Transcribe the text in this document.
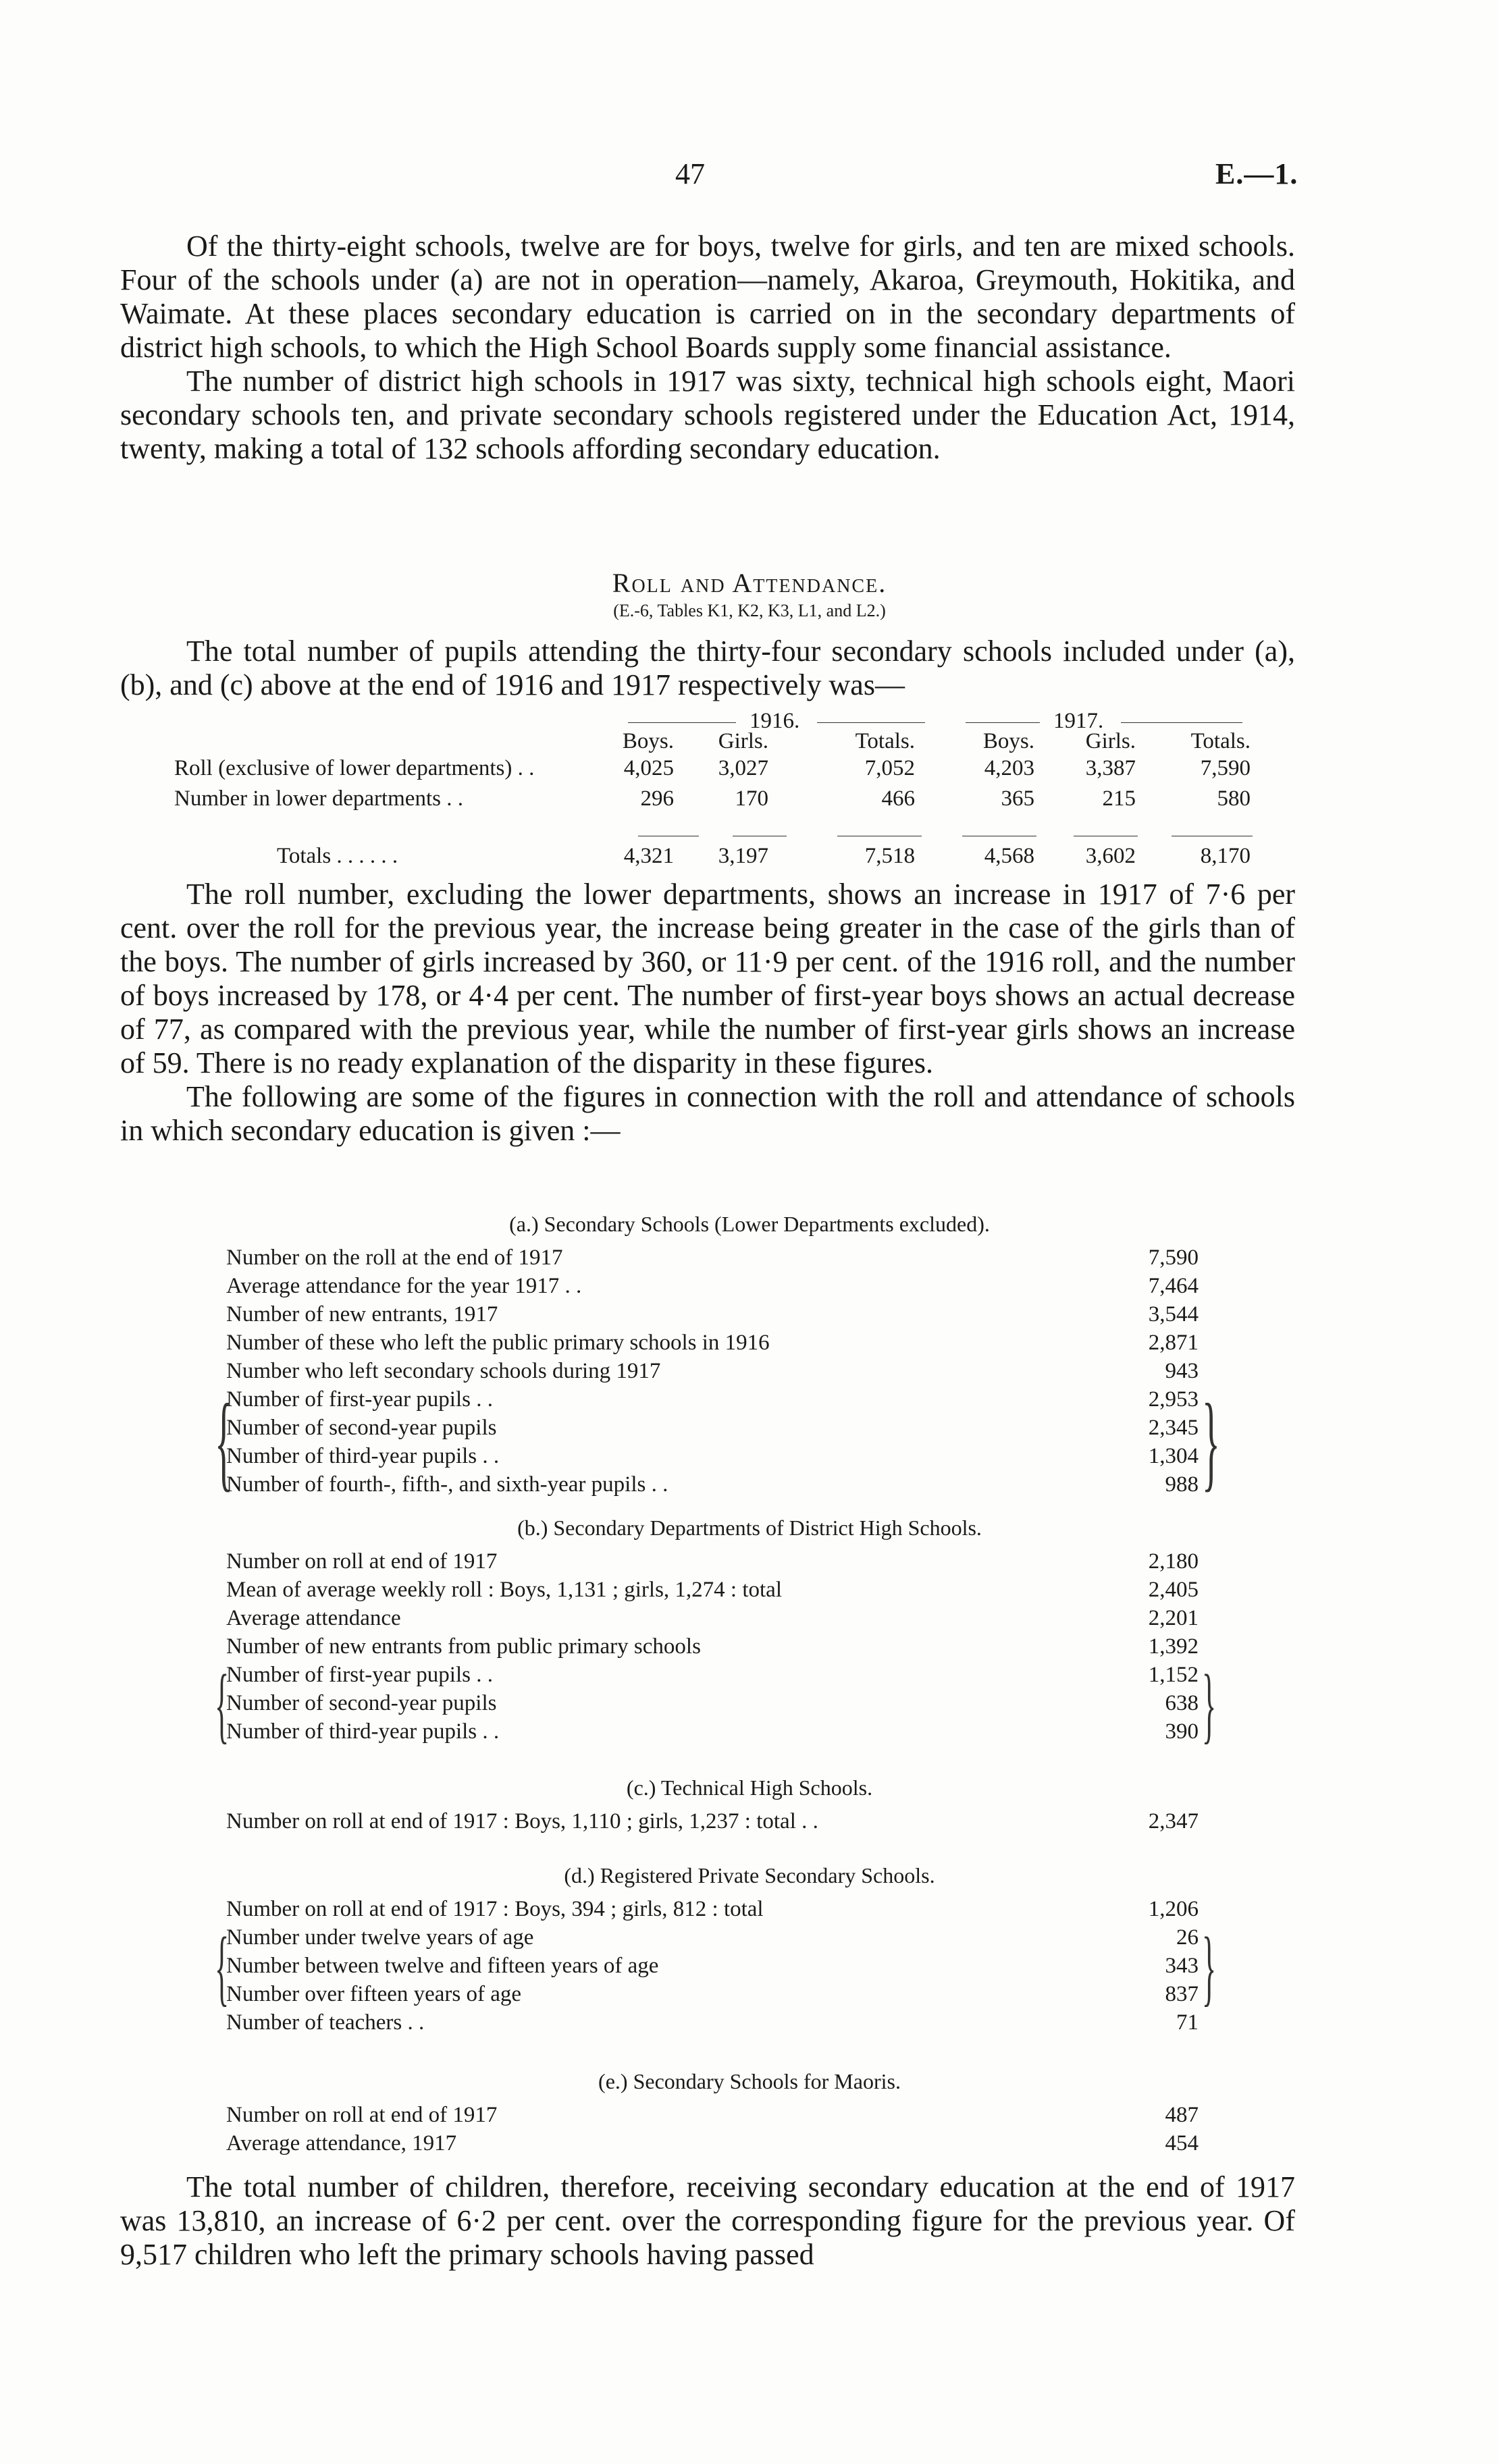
47	E.—1.

Of the thirty-eight schools, twelve are for boys, twelve for girls, and ten are mixed schools. Four of the schools under (a) are not in operation—namely, Akaroa, Greymouth, Hokitika, and Waimate. At these places secondary education is carried on in the secondary departments of district high schools, to which the High School Boards supply some financial assistance.

The number of district high schools in 1917 was sixty, technical high schools eight, Maori secondary schools ten, and private secondary schools registered under the Education Act, 1914, twenty, making a total of 132 schools affording secondary education.

Roll and Attendance.
(E.-6, Tables K1, K2, K3, L1, and L2.)

The total number of pupils attending the thirty-four secondary schools included under (a), (b), and (c) above at the end of 1916 and 1917 respectively was—

1916.	1917.
Boys. Girls.	Totals.	Boys. Girls. Totals.
Roll (exclusive of lower departments) . .	4,025 3,027	7,052	4,203 3,387	7,590
Number in lower departments . .	296	170	466	365	215	580
Totals . . . . . .	4,321 3,197	7,518	4,568 3,602	8,170

The roll number, excluding the lower departments, shows an increase in 1917 of 7·6 per cent. over the roll for the previous year, the increase being greater in the case of the girls than of the boys. The number of girls increased by 360, or 11·9 per cent. of the 1916 roll, and the number of boys increased by 178, or 4·4 per cent. The number of first-year boys shows an actual decrease of 77, as compared with the previous year, while the number of first-year girls shows an increase of 59. There is no ready explanation of the disparity in these figures.

The following are some of the figures in connection with the roll and attendance of schools in which secondary education is given :—

(a.) Secondary Schools (Lower Departments excluded).
Number on the roll at the end of 1917	7,590
Average attendance for the year 1917 . .	7,464
Number of new entrants, 1917	3,544
Number of these who left the public primary schools in 1916	2,871
Number who left secondary schools during 1917	943
Number of first-year pupils . .	2,953
Number of second-year pupils	2,345
Number of third-year pupils . .	1,304
Number of fourth-, fifth-, and sixth-year pupils . .	988
{	}
(b.) Secondary Departments of District High Schools.
Number on roll at end of 1917	2,180
Mean of average weekly roll : Boys, 1,131 ; girls, 1,274 : total	2,405
Average attendance	2,201
Number of new entrants from public primary schools	1,392
Number of first-year pupils . .	1,152
Number of second-year pupils	638
Number of third-year pupils . .	390
{	}
(c.) Technical High Schools.
Number on roll at end of 1917 : Boys, 1,110 ; girls, 1,237 : total . .	2,347
(d.) Registered Private Secondary Schools.
Number on roll at end of 1917 : Boys, 394 ; girls, 812 : total	1,206
Number under twelve years of age	26
Number between twelve and fifteen years of age	343
Number over fifteen years of age	837
Number of teachers . .	71
{	}
(e.) Secondary Schools for Maoris.
Number on roll at end of 1917	487
Average attendance, 1917	454

The total number of children, therefore, receiving secondary education at the end of 1917 was 13,810, an increase of 6·2 per cent. over the corresponding figure for the previous year. Of 9,517 children who left the primary schools having passed
